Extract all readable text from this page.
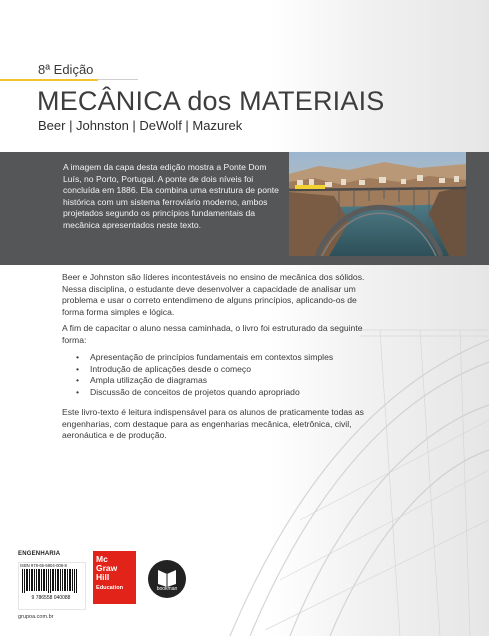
8ª Edição
MECÂNICA dos MATERIAIS
Beer | Johnston | DeWolf | Mazurek
A imagem da capa desta edição mostra a Ponte Dom Luís, no Porto, Portugal. A ponte de dois níveis foi concluída em 1886. Ela combina uma estrutura de ponte histórica com um sistema ferroviário moderno, ambos projetados segundo os princípios fundamentais da mecânica apresentados neste texto.
Beer e Johnston são líderes incontestáveis no ensino de mecânica dos sólidos. Nessa disciplina, o estudante deve desenvolver a capacidade de analisar um problema e usar o correto entendimeno de alguns princípios, aplicando-os de forma forma simples e lógica.
A fim de capacitar o aluno nessa caminhada, o livro foi estruturado da seguinte forma:
• Apresentação de princípios fundamentais em contextos simples
• Introdução de aplicações desde o começo
• Ampla utilização de diagramas
• Discussão de conceitos de projetos quando apropriado
Este livro-texto é leitura indispensável para os alunos de praticamente todas as engenharias, com destaque para as engenharias mecânica, eletrônica, civil, aeronáutica e de produção.
ENGENHARIA
ISBN 978-65-5804-008-8
9 786558 040088
grupoa.com.br
Mc
Graw
Hill
Education	bookman
